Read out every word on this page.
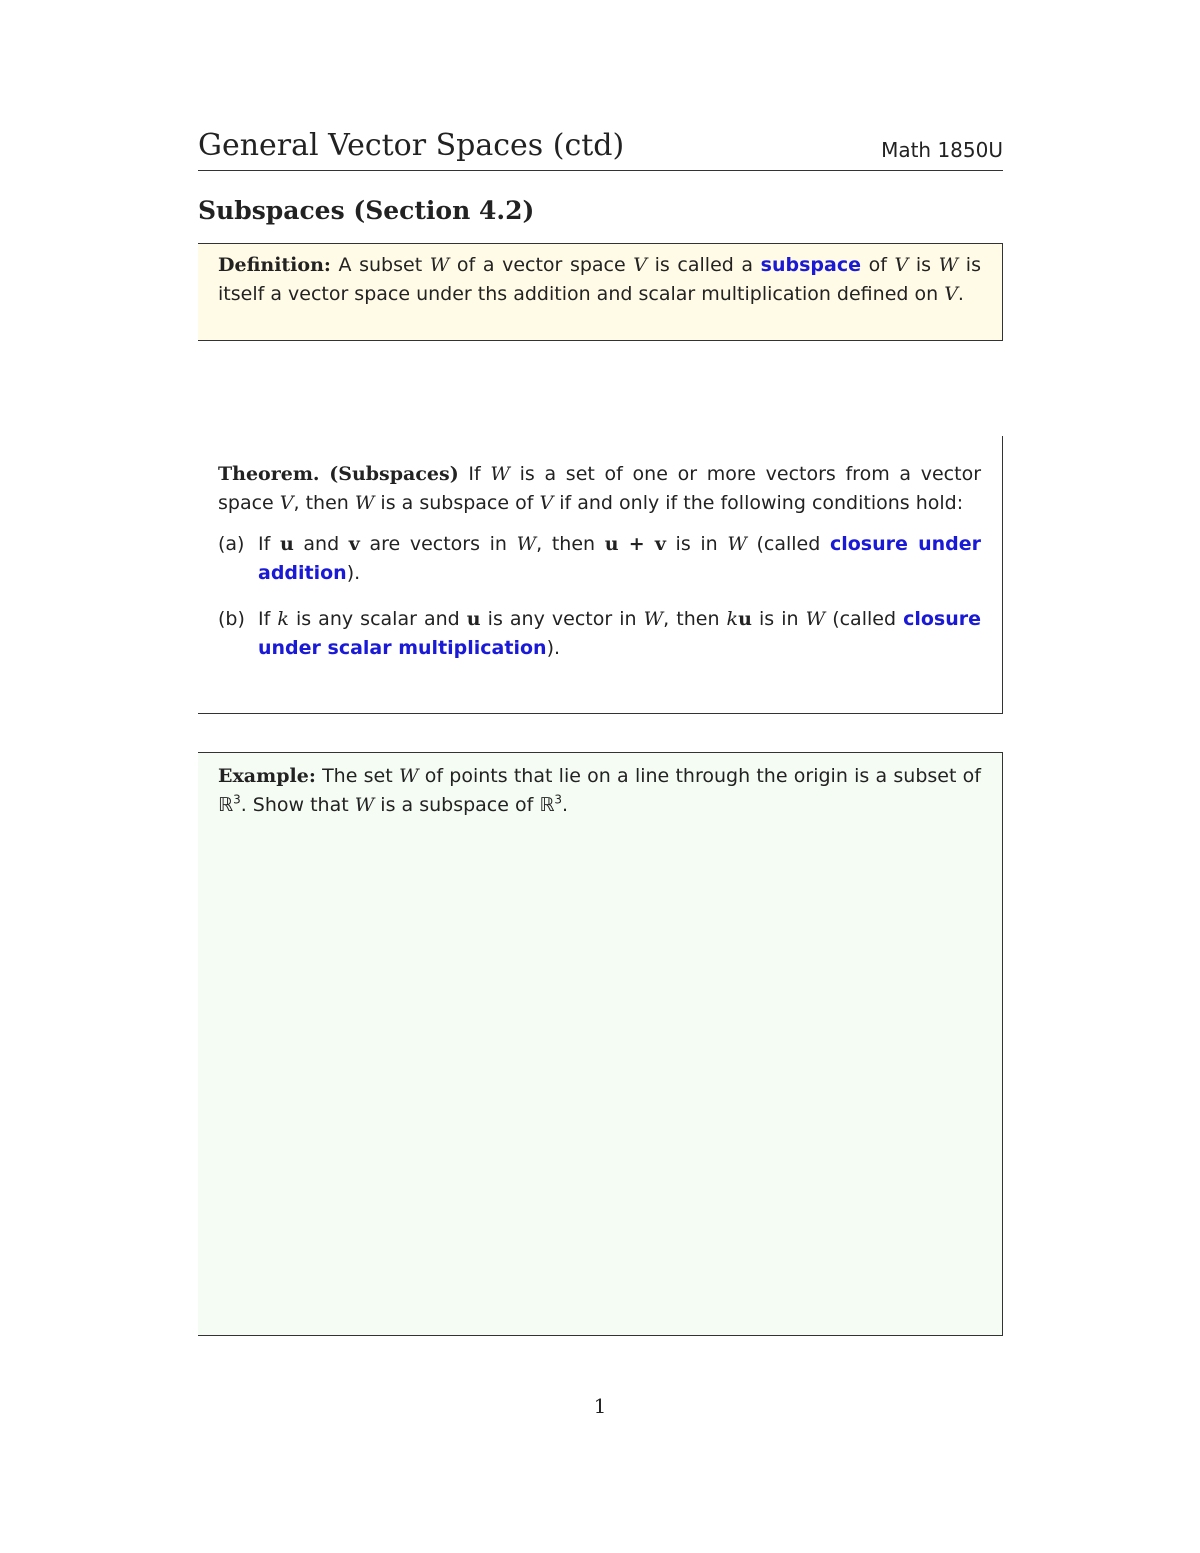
General Vector Spaces (ctd)	Math 1850U
Subspaces (Section 4.2)
Definition: A subset W of a vector space V is called a subspace of V is W is itself a vector space under ths addition and scalar multiplication defined on V.

Theorem. (Subspaces) If W is a set of one or more vectors from a vector space V, then W is a subspace of V if and only if the following conditions hold:

(a) If u and v are vectors in W, then u + v is in W (called closure under addition).
(b) If k is any scalar and u is any vector in W, then ku is in W (called closure under scalar multiplication).
Example: The set W of points that lie on a line through the origin is a subset of ℝ$^3$. Show that W is a subspace of ℝ$^3$.
1
